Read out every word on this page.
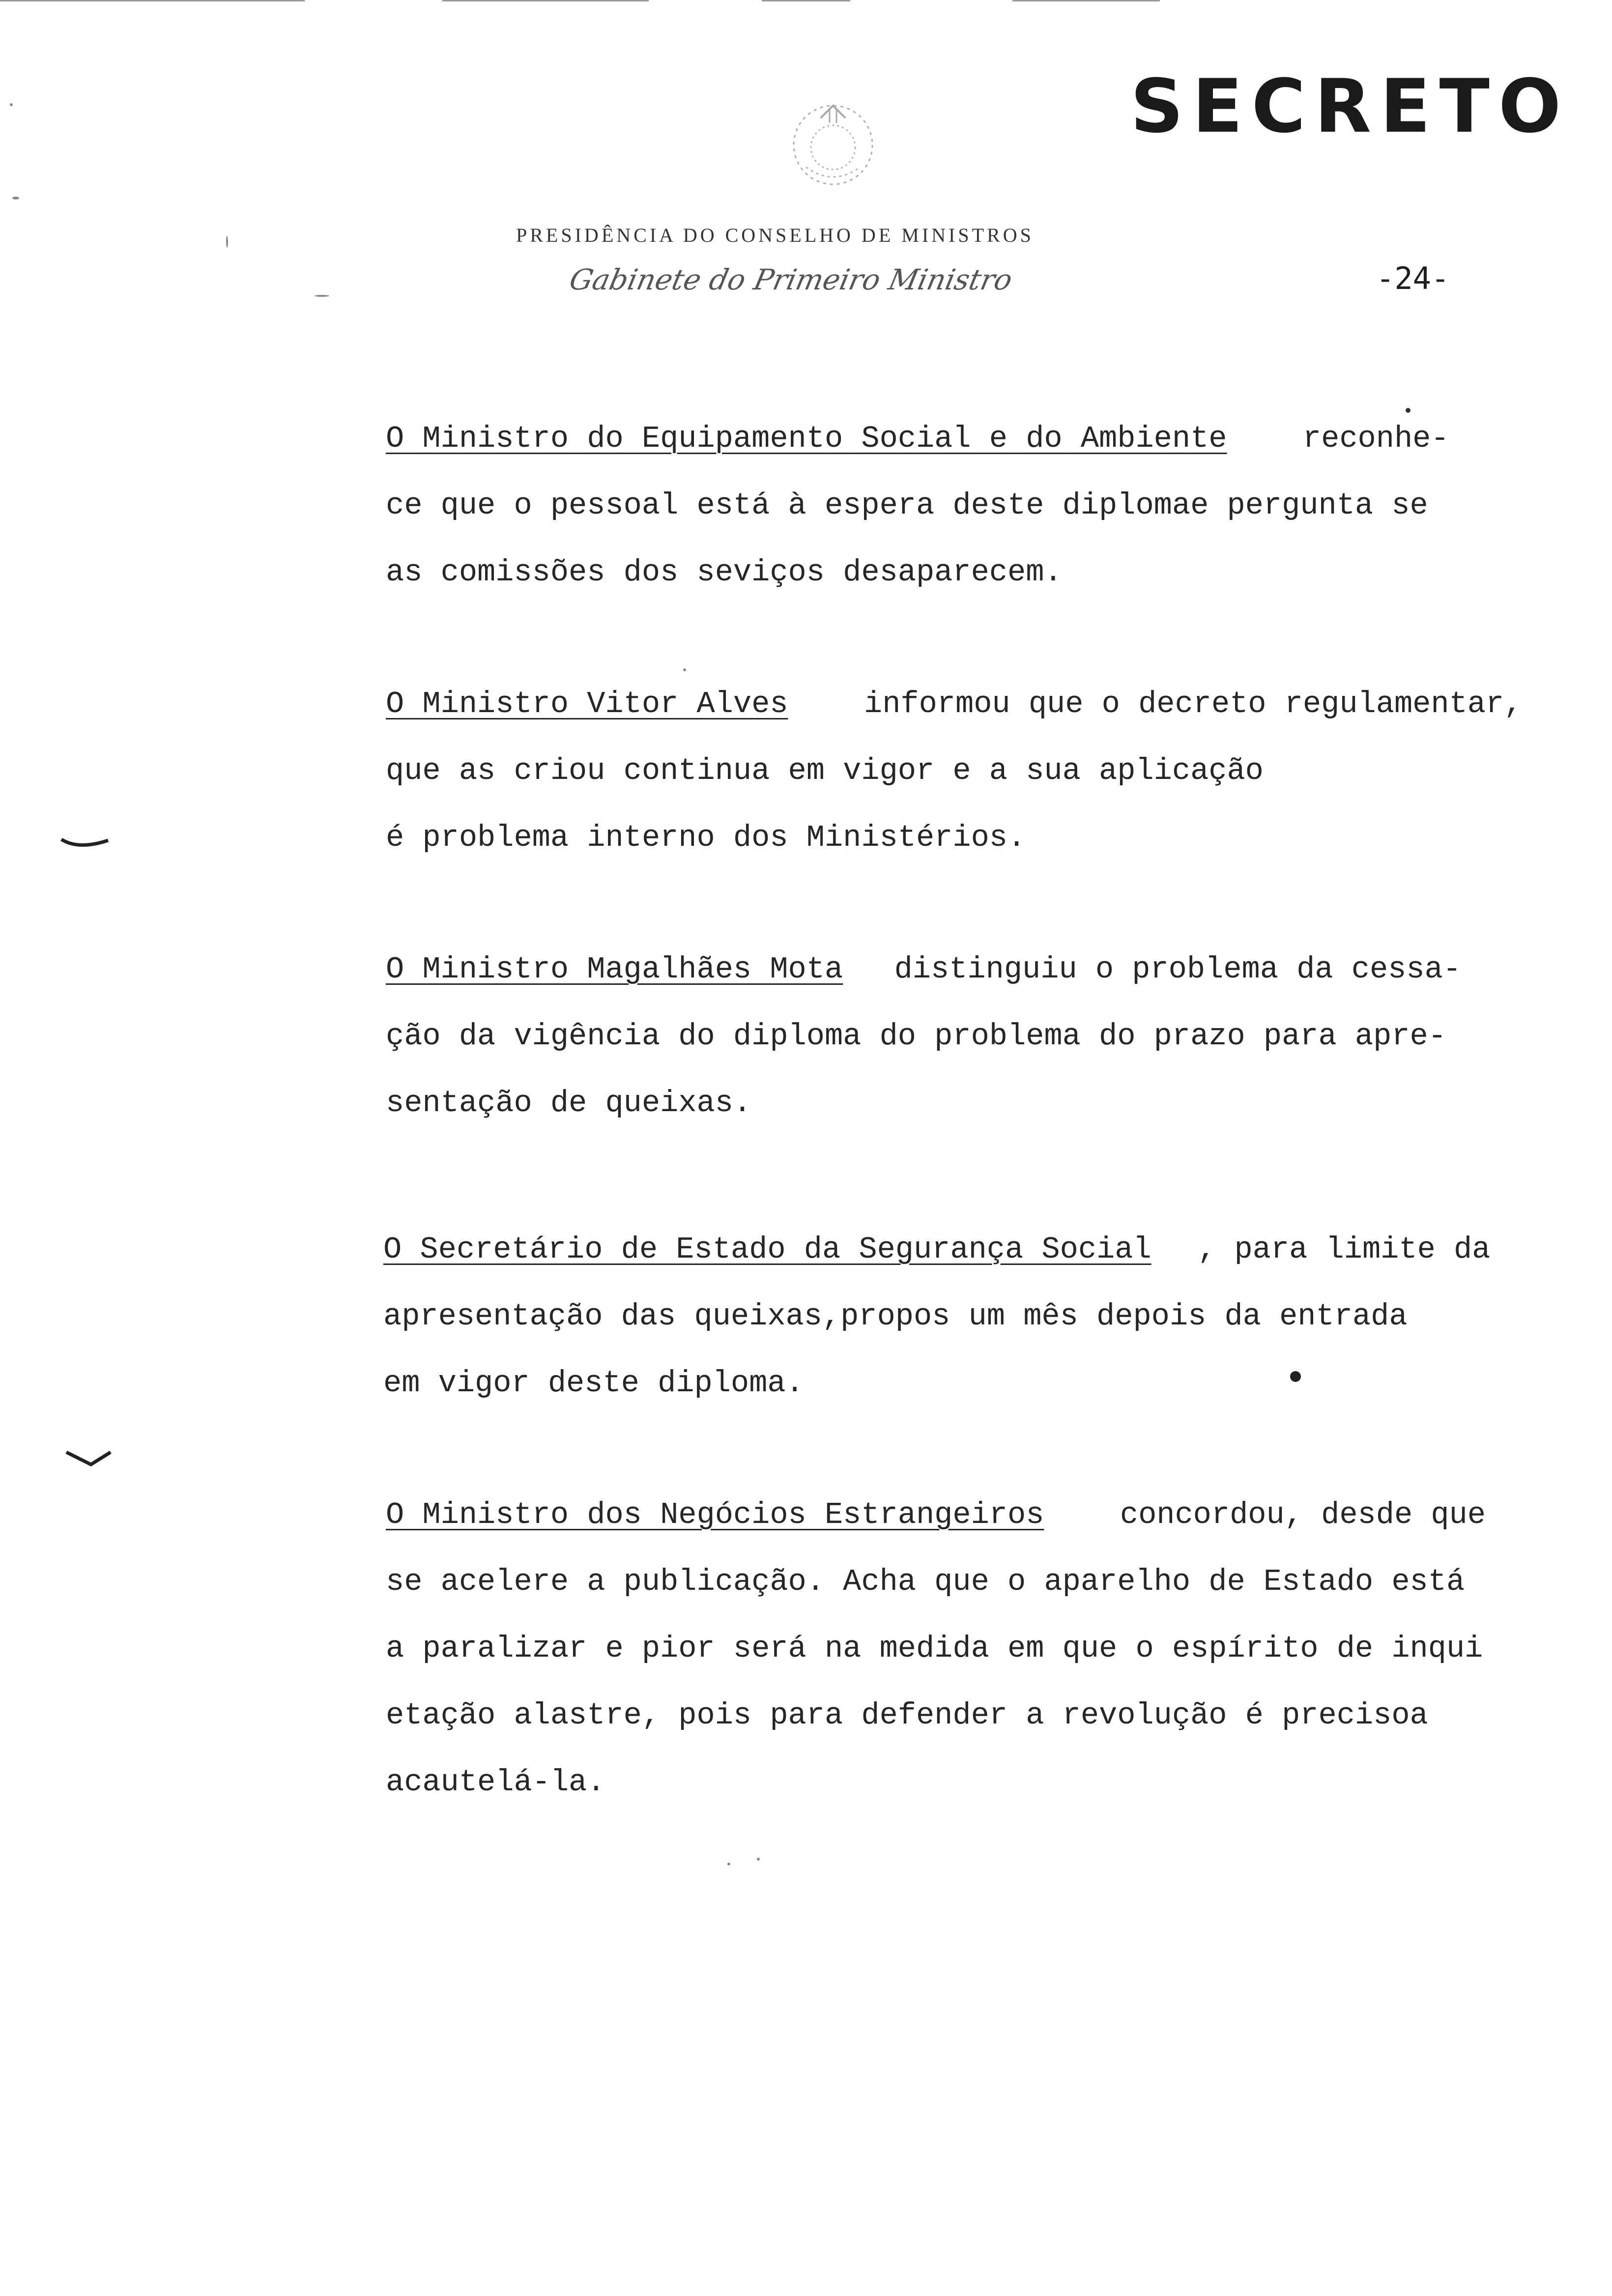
SECRETO
PRESIDÊNCIA DO CONSELHO DE MINISTROS
Gabinete do Primeiro Ministro	-24-
O Ministro do Equipamento Social e do Ambiente reconhe-
ce que o pessoal está à espera deste diplomae pergunta se
as comissões dos seviços desaparecem.
O Ministro Vitor Alves informou que o decreto regulamentar,
que as criou continua em vigor e a sua aplicação
é problema interno dos Ministérios.
O Ministro Magalhães Mota distinguiu o problema da cessa-
ção da vigência do diploma do problema do prazo para apre-
sentação de queixas.
O Secretário de Estado da Segurança Social , para limite da
apresentação das queixas,propos um mês depois da entrada
em vigor deste diploma.
O Ministro dos Negócios Estrangeiros concordou, desde que
se acelere a publicação. Acha que o aparelho de Estado está
a paralizar e pior será na medida em que o espírito de inqui
etação alastre, pois para defender a revolução é precisoa
acautelá-la.
